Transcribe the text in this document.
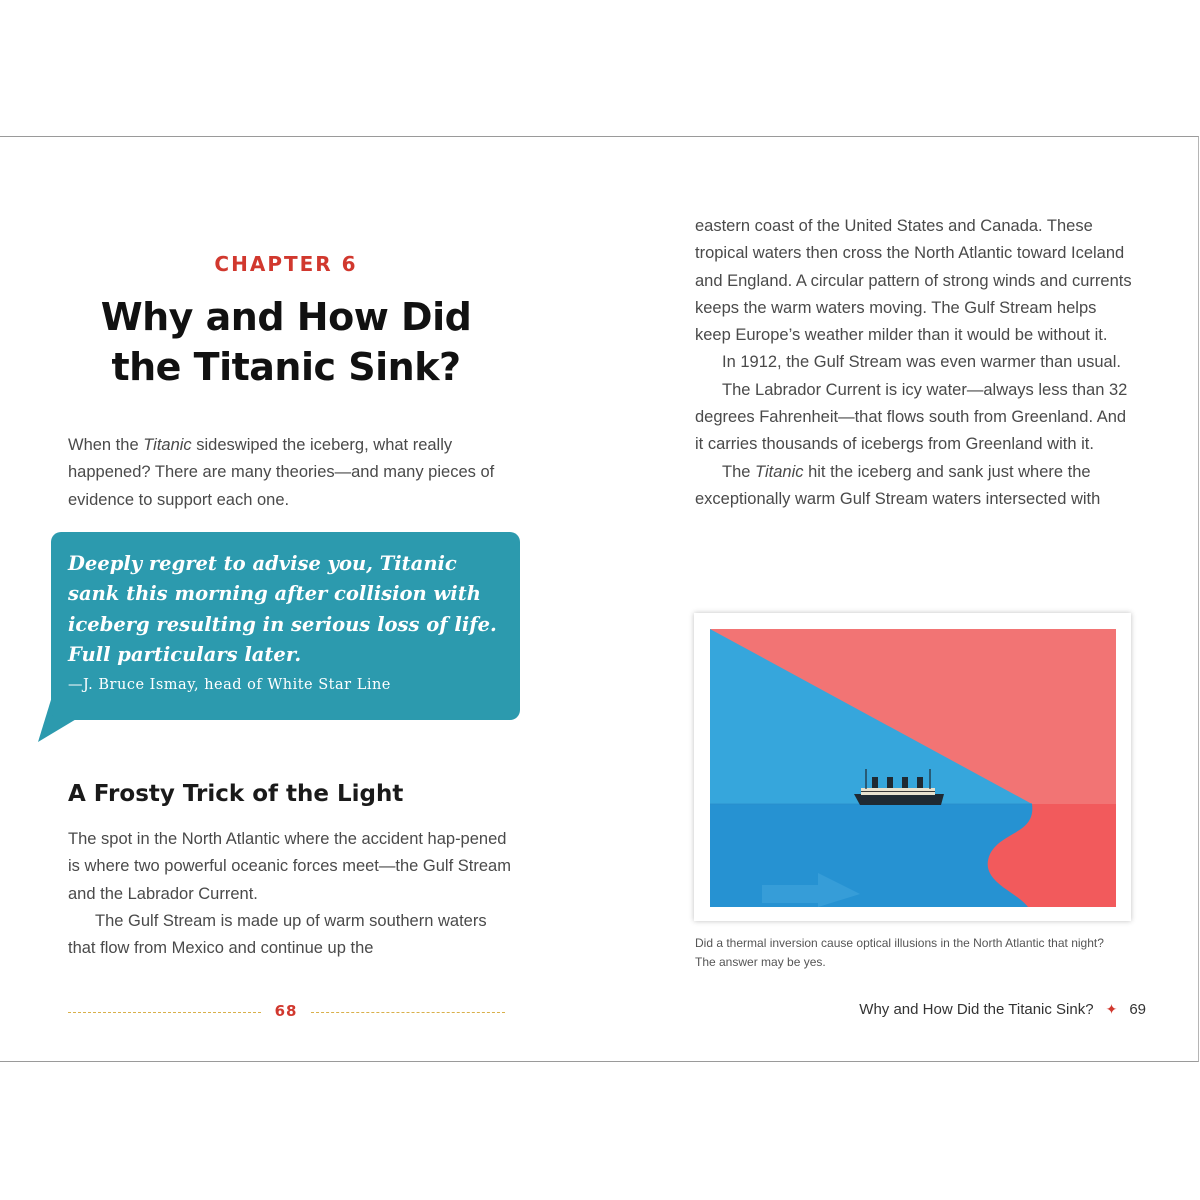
CHAPTER 6
Why and How Did
the Titanic Sink?

When the Titanic sideswiped the iceberg, what really happened? There are many theories—and many pieces of evidence to support each one.

Deeply regret to advise you, Titanic sank this morning after collision with iceberg resulting in serious loss of life. Full particulars later.
—J. Bruce Ismay, head of White Star Line
A Frosty Trick of the Light

The spot in the North Atlantic where the accident hap-pened is where two powerful oceanic forces meet—the Gulf Stream and the Labrador Current.

The Gulf Stream is made up of warm southern waters that flow from Mexico and continue up the

68

eastern coast of the United States and Canada. These tropical waters then cross the North Atlantic toward Iceland and England. A circular pattern of strong winds and currents keeps the warm waters moving. The Gulf Stream helps keep Europe’s weather milder than it would be without it.

In 1912, the Gulf Stream was even warmer than usual.

The Labrador Current is icy water—always less than 32 degrees Fahrenheit—that flows south from Greenland. And it carries thousands of icebergs from Greenland with it.

The Titanic hit the iceberg and sank just where the exceptionally warm Gulf Stream waters intersected with

Did a thermal inversion cause optical illusions in the North Atlantic that night? The answer may be yes.
Why and How Did the Titanic Sink? ✦ 69
